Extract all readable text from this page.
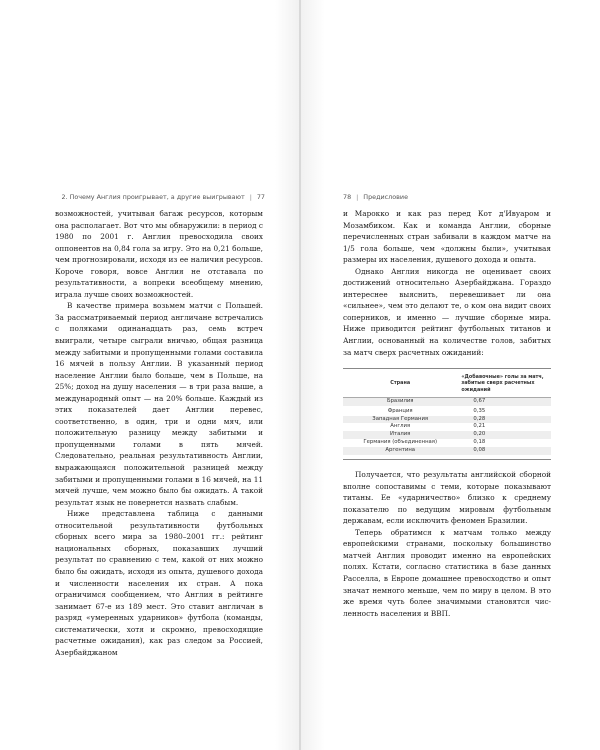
2. Почему Англия проигрывает, а другие выигрывают | 77

возможностей, учитывая багаж ресурсов, которым она располагает. Вот что мы обнаружили: в период с 1980 по 2001 г. Англия превосходила своих оппонентов на 0,84 гола за игру. Это на 0,21 больше, чем прогнозировали, исходя из ее наличия ресурсов. Короче говоря, вовсе Англия не отставала по результативности, а вопреки всеобщему мнению, играла лучше своих возможностей.

В качестве примера возьмем матчи с Польшей. За рассматриваемый период англичане встречались с поляками одинанадцать раз, семь встреч выиграли, четыре сыграли вничью, общая разница между забитыми и пропущенными голами составила 16 мячей в пользу Англии. В указанный период население Англии было больше, чем в Польше, на 25%; доход на душу населения — в три раза выше, а международный опыт — на 20% больше. Каждый из этих показателей дает Англии перевес, соответственно, в один, три и одни мяч, или положительную разницу между забитыми и пропущенными голами в пять мячей. Следовательно, реальная результативность Англии, выражающаяся положительной разницей между забитыми и пропущенными голами в 16 мячей, на 11 мячей лучше, чем можно было бы ожидать. А такой результат язык не повернется назвать слабым.

Ниже представлена таблица с данными относительной результативности футбольных сборных всего мира за 1980–2001 гг.: рейтинг национальных сборных, показавших лучший результат по сравнению с тем, какой от них можно было бы ожидать, исходя из опыта, душевого дохода и численности населения их стран. А пока ограничимся сообщением, что Англия в рейтинге занимает 67-е из 189 мест. Это ставит англичан в разряд «умеренных ударников» футбола (команды, систематически, хотя и скромно, превосходящие расчетные ожидания), как раз следом за Россией, Азербайджаном

78 | Предисловие

и Марокко и как раз перед Кот д'Ивуаром и Мозамбиком. Как и команда Англии, сборные перечисленных стран забивали в каждом матче на 1/5 гола больше, чем «должны были», учитывая размеры их населения, душевого дохода и опыта.

Однако Англия никогда не оценивает своих достижений относительно Азербайджана. Гораздо интереснее выяснить, перевешивает ли она «сильнее», чем это делают те, о ком она видит своих соперников, и именно — лучшие сборные мира. Ниже приводится рейтинг футбольных титанов и Англии, основанный на количестве голов, забитых за матч сверх расчетных ожиданий:

Страна	«Добавочные» голы за матч, забитые сверх расчетных ожиданий
Бразилия	0,67
Франция	0,35
Западная Германия	0,28
Англия	0,21
Италия	0,20
Германия (объединенная)	0,18
Аргентина	0,08

Получается, что результаты английской сборной вполне сопоставимы с теми, которые показывают титаны. Ее «ударничество» близко к среднему показателю по ведущим мировым футбольным державам, если исключить феномен Бразилии.

Теперь обратимся к матчам только между европейскими странами, поскольку большинство матчей Англия проводит именно на европейских полях. Кстати, согласно статистика в базе данных Расселла, в Европе домашнее превосходство и опыт значат немного меньше, чем по миру в целом. В это же время чуть более значимыми становятся численность населения и ВВП.
